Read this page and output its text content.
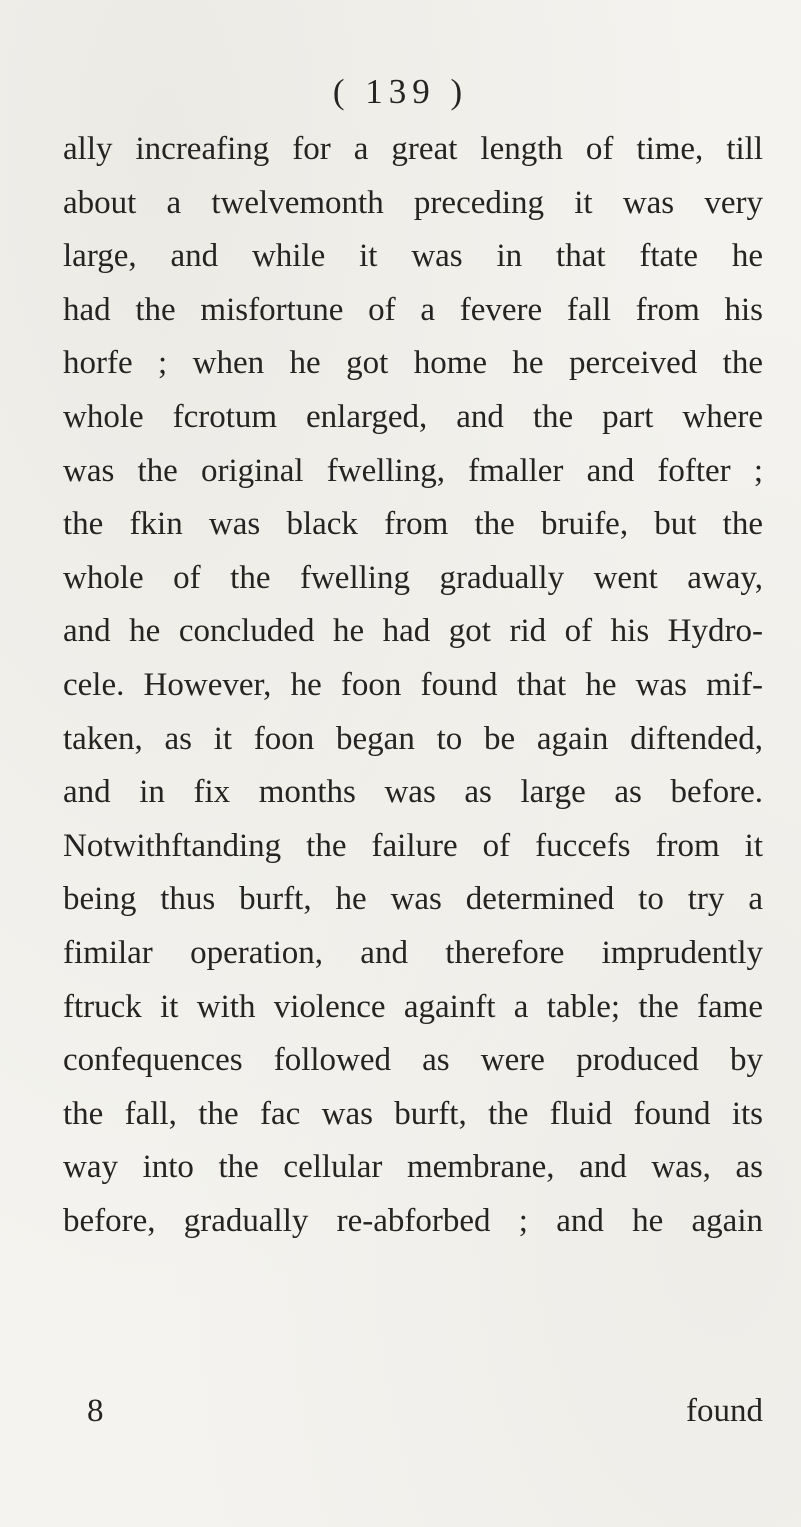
( 139 )
ally increafing for a great length of time, till
about a twelvemonth preceding it was very
large, and while it was in that ftate he
had the misfortune of a fevere fall from his
horfe ; when he got home he perceived the
whole fcrotum enlarged, and the part where
was the original fwelling, fmaller and fofter ;
the fkin was black from the bruife, but the
whole of the fwelling gradually went away,
and he concluded he had got rid of his Hydro-
cele. However, he foon found that he was mif-
taken, as it foon began to be again diftended,
and in fix months was as large as before.
Notwithftanding the failure of fuccefs from it
being thus burft, he was determined to try a
fimilar operation, and therefore imprudently
ftruck it with violence againft a table; the fame
confequences followed as were produced by
the fall, the fac was burft, the fluid found its
way into the cellular membrane, and was, as
before, gradually re-abforbed ; and he again
8	found
